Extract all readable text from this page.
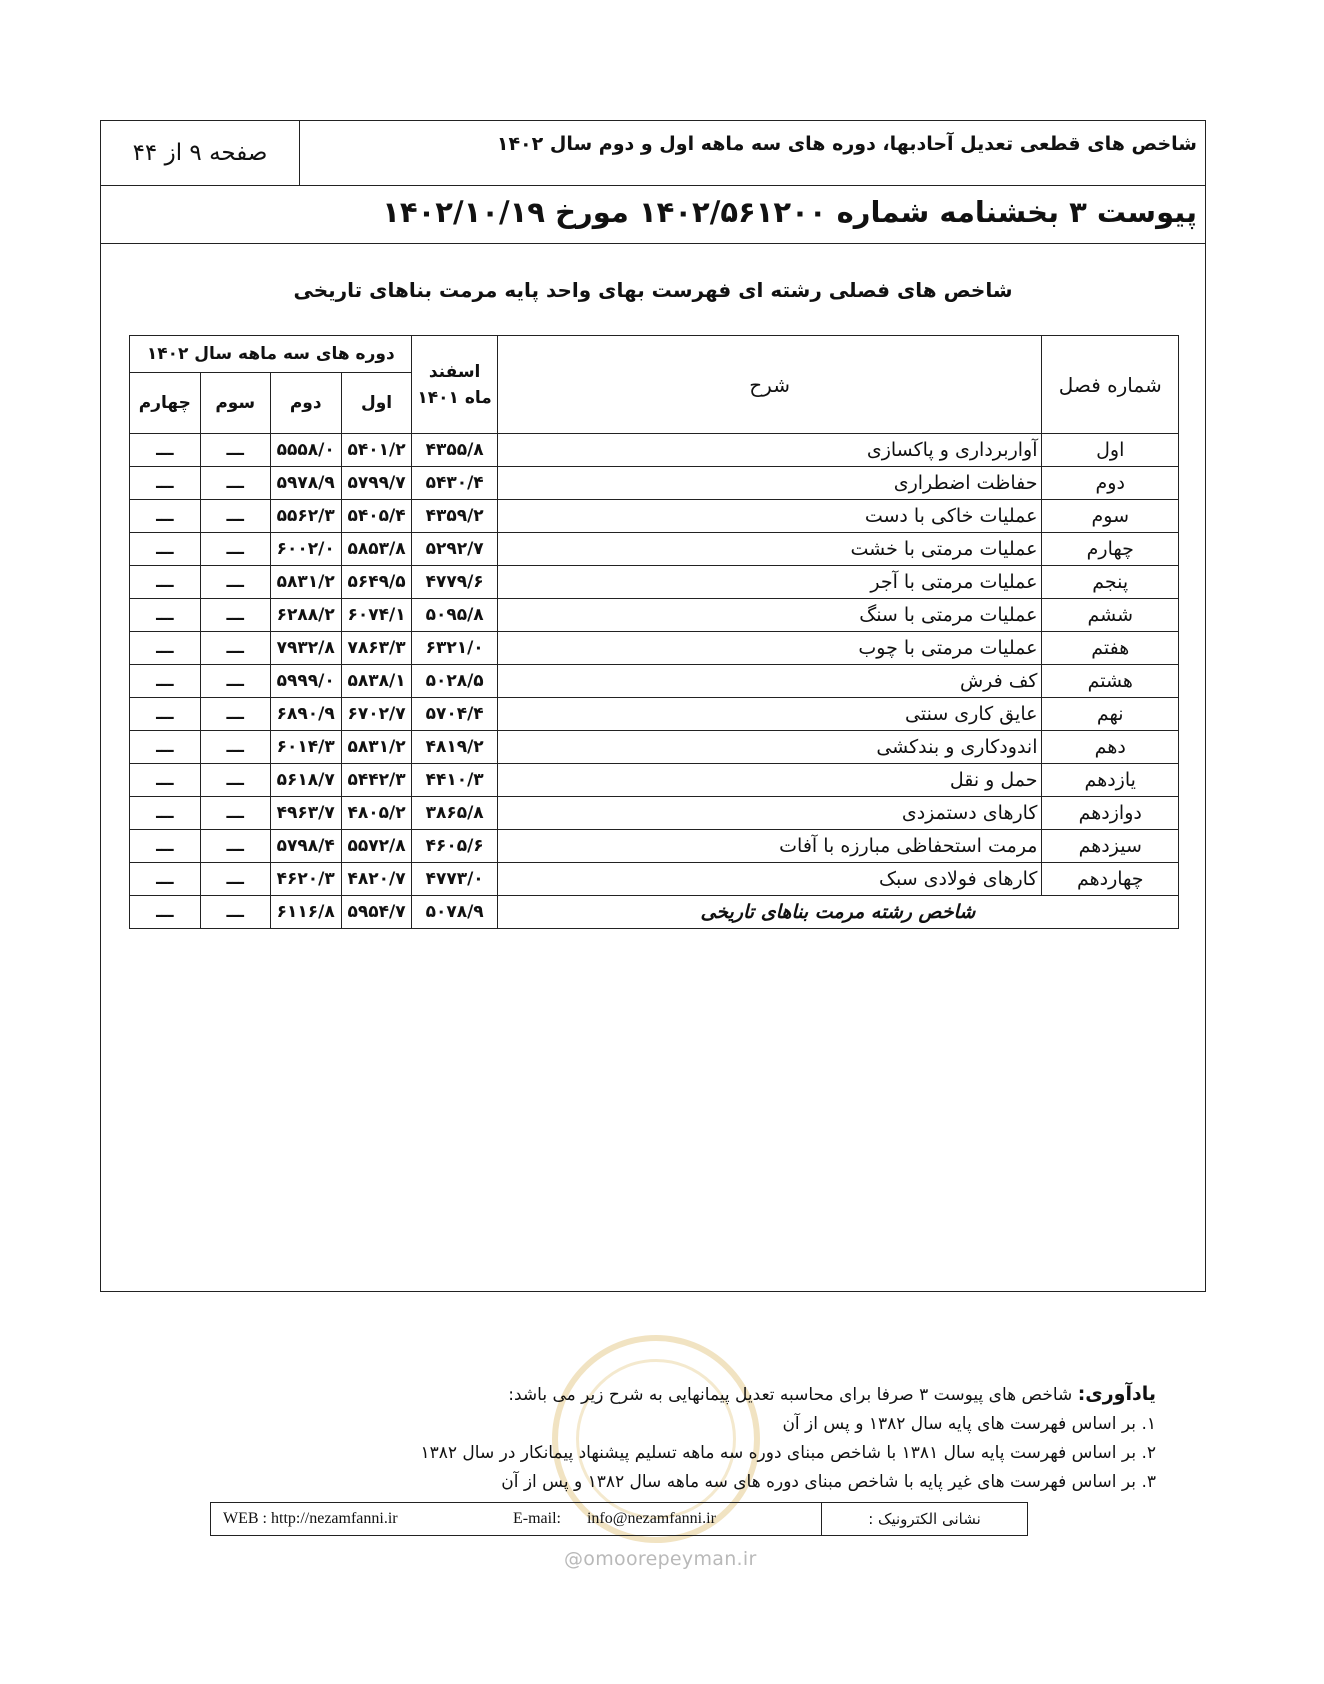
شاخص های قطعی تعدیل آحادبها، دوره های سه ماهه اول و دوم سال ۱۴۰۲
صفحه ۹ از ۴۴
پیوست ۳ بخشنامه شماره ۱۴۰۲/۵۶۱۲۰۰ مورخ ۱۴۰۲/۱۰/۱۹
شاخص های فصلی رشته ای فهرست بهای واحد پایه مرمت بناهای تاریخی
شماره فصل	شرح	اسفند ماه ۱۴۰۱	دوره های سه ماهه سال ۱۴۰۲			
			اول	دوم	سوم	چهارم
اول	آواربرداری و پاکسازی	۴۳۵۵/۸	۵۴۰۱/۲	۵۵۵۸/۰	ـــ	ـــ
دوم	حفاظت اضطراری	۵۴۳۰/۴	۵۷۹۹/۷	۵۹۷۸/۹	ـــ	ـــ
سوم	عملیات خاکی با دست	۴۳۵۹/۲	۵۴۰۵/۴	۵۵۶۲/۳	ـــ	ـــ
چهارم	عملیات مرمتی با خشت	۵۲۹۲/۷	۵۸۵۳/۸	۶۰۰۲/۰	ـــ	ـــ
پنجم	عملیات مرمتی با آجر	۴۷۷۹/۶	۵۶۴۹/۵	۵۸۳۱/۲	ـــ	ـــ
ششم	عملیات مرمتی با سنگ	۵۰۹۵/۸	۶۰۷۴/۱	۶۲۸۸/۲	ـــ	ـــ
هفتم	عملیات مرمتی با چوب	۶۳۲۱/۰	۷۸۶۳/۳	۷۹۳۲/۸	ـــ	ـــ
هشتم	کف فرش	۵۰۲۸/۵	۵۸۳۸/۱	۵۹۹۹/۰	ـــ	ـــ
نهم	عایق کاری سنتی	۵۷۰۴/۴	۶۷۰۲/۷	۶۸۹۰/۹	ـــ	ـــ
دهم	اندودکاری و بندکشی	۴۸۱۹/۲	۵۸۳۱/۲	۶۰۱۴/۳	ـــ	ـــ
یازدهم	حمل و نقل	۴۴۱۰/۳	۵۴۴۲/۳	۵۶۱۸/۷	ـــ	ـــ
دوازدهم	کارهای دستمزدی	۳۸۶۵/۸	۴۸۰۵/۲	۴۹۶۳/۷	ـــ	ـــ
سیزدهم	مرمت استحفاظی مبارزه با آفات	۴۶۰۵/۶	۵۵۷۲/۸	۵۷۹۸/۴	ـــ	ـــ
چهاردهم	کارهای فولادی سبک	۴۷۷۳/۰	۴۸۲۰/۷	۴۶۲۰/۳	ـــ	ـــ
شاخص رشته مرمت بناهای تاریخی		۵۰۷۸/۹	۵۹۵۴/۷	۶۱۱۶/۸	ـــ	ـــ
یادآوری: شاخص های پیوست ۳ صرفا برای محاسبه تعدیل پیمانهایی به شرح زیر می باشد:
۱. بر اساس فهرست های پایه سال ۱۳۸۲ و پس از آن
۲. بر اساس فهرست پایه سال ۱۳۸۱ با شاخص مبنای دوره سه ماهه تسلیم پیشنهاد پیمانکار در سال ۱۳۸۲
۳. بر اساس فهرست های غیر پایه با شاخص مبنای دوره های سه ماهه سال ۱۳۸۲ و پس از آن
نشانی الکترونیک :
WEB : http://nezamfanni.ir	E-mail: info@nezamfanni.ir
@omoorepeyman.ir
